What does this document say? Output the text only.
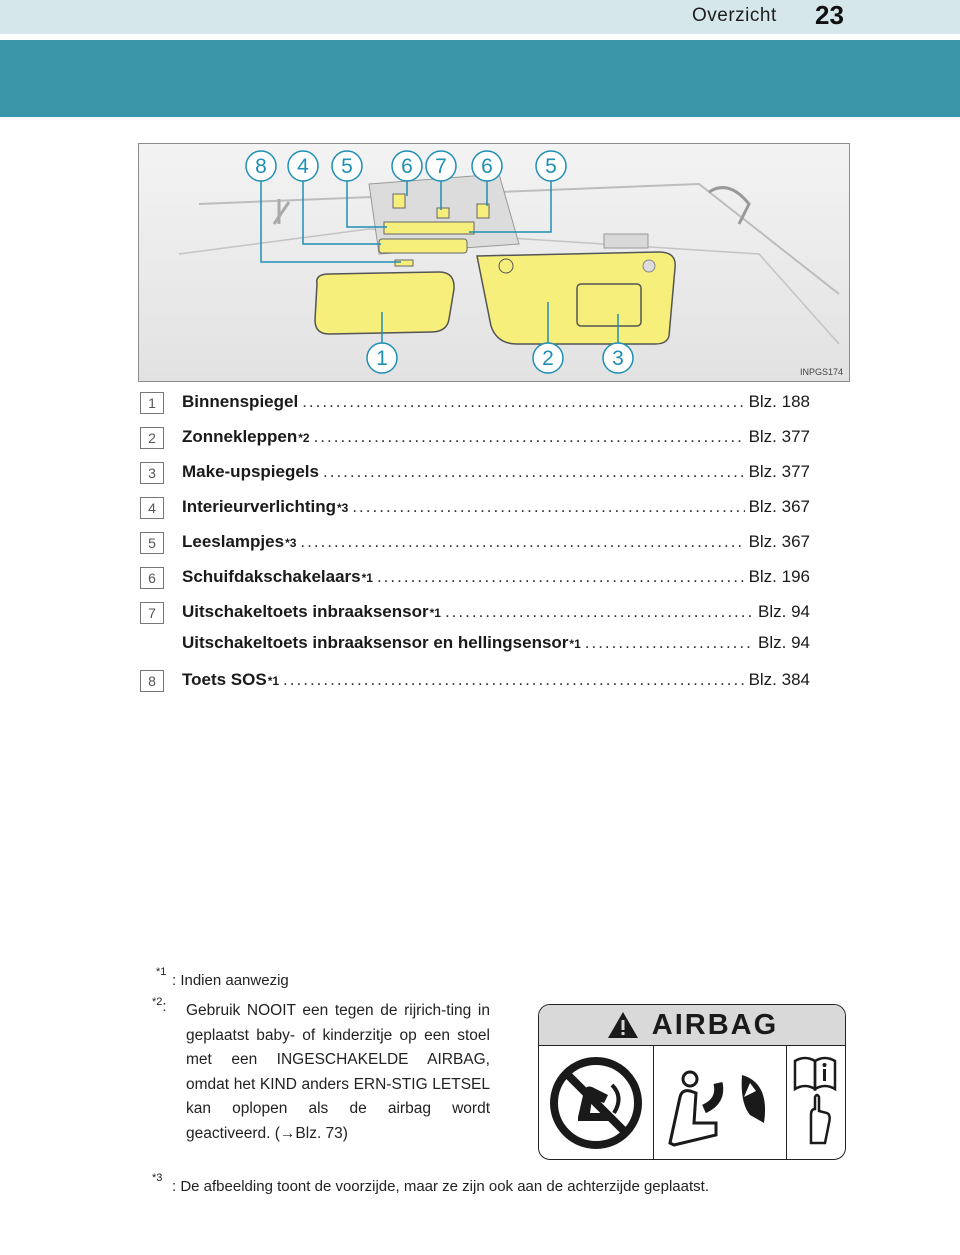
Overzicht 23
8 4 5 6 7 6 5
1	2	3
INPGS174
1	Binnenspiegel .....	Blz. 188
2	Zonnekleppen *2 .....	Blz. 377
3	Make-upspiegels .....	Blz. 377
4	Interieurverlichting *3 .....	Blz. 367
5	Leeslampjes *3 .....	Blz. 367
6	Schuifdakschakelaars *1 .....	Blz. 196
7	Uitschakeltoets inbraaksensor *1 .....	Blz. 94
Uitschakeltoets inbraaksensor en hellingsensor *1 .....	Blz. 94
8	Toets SOS *1 .....	Blz. 384
$^{*1}$ : Indien aanwezig
$^{*2}$: Gebruik NOOIT een tegen de rijrich-ting in geplaatst baby- of kinderzitje op een stoel met een INGESCHAKELDE AIRBAG, omdat het KIND anders ERN-STIG LETSEL kan oplopen als de airbag wordt geactiveerd. (→Blz. 73)
$^{*3}$ : De afbeelding toont de voorzijde, maar ze zijn ook aan de achterzijde geplaatst.
AIRBAG
